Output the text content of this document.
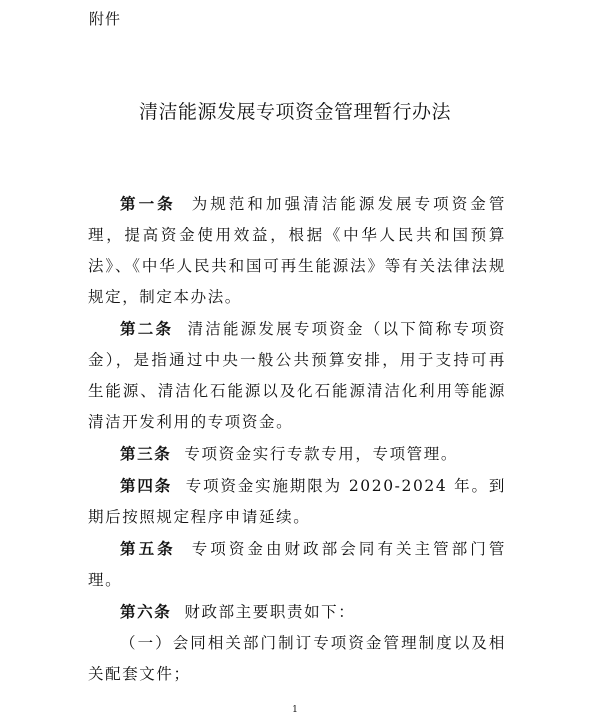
附件
清洁能源发展专项资金管理暂行办法

第一条 为规范和加强清洁能源发展专项资金管理，提高资金使用效益，根据《中华人民共和国预算法》、《中华人民共和国可再生能源法》等有关法律法规规定，制定本办法。

第二条 清洁能源发展专项资金（以下简称专项资金），是指通过中央一般公共预算安排，用于支持可再生能源、清洁化石能源以及化石能源清洁化利用等能源清洁开发利用的专项资金。

第三条 专项资金实行专款专用，专项管理。

第四条 专项资金实施期限为 2020-2024 年。到期后按照规定程序申请延续。

第五条 专项资金由财政部会同有关主管部门管理。

第六条 财政部主要职责如下：

（一）会同相关部门制订专项资金管理制度以及相关配套文件；

1
